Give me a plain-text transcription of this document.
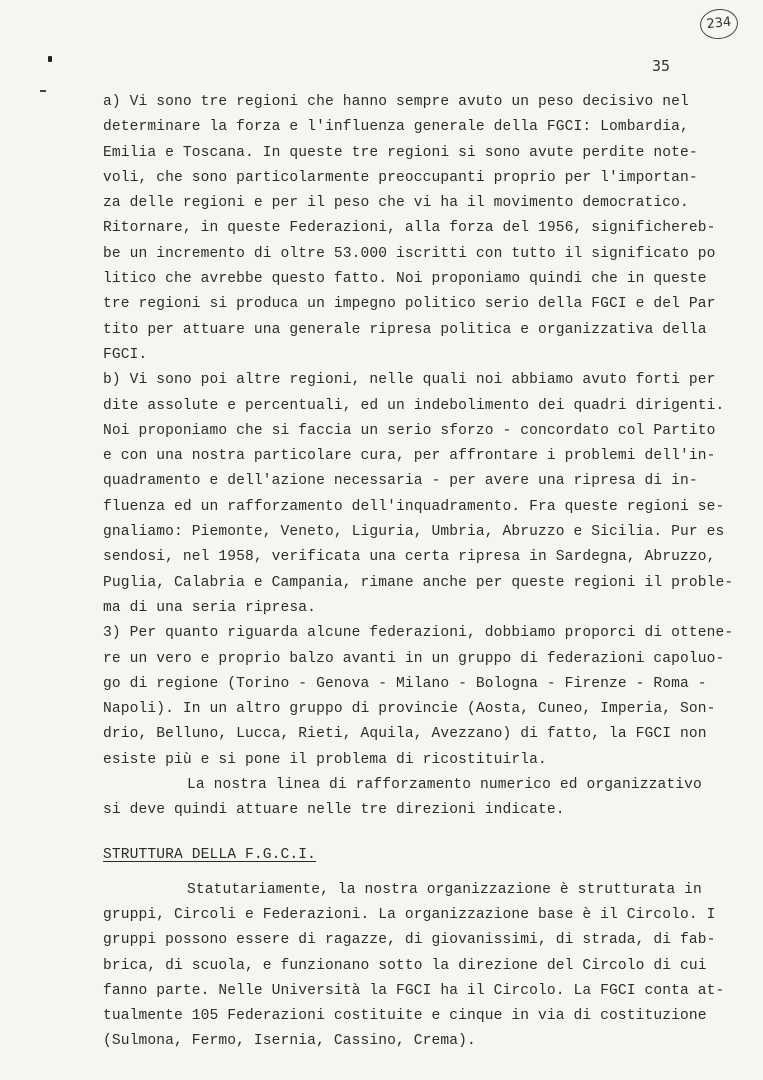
234
35
a) Vi sono tre regioni che hanno sempre avuto un peso decisivo nel
determinare la forza e l'influenza generale della FGCI: Lombardia,
Emilia e Toscana. In queste tre regioni si sono avute perdite note-
voli, che sono particolarmente preoccupanti proprio per l'importan-
za delle regioni e per il peso che vi ha il movimento democratico.
Ritornare, in queste Federazioni, alla forza del 1956, significhereb-
be un incremento di oltre 53.000 iscritti con tutto il significato po
litico che avrebbe questo fatto. Noi proponiamo quindi che in queste
tre regioni si produca un impegno politico serio della FGCI e del Par
tito per attuare una generale ripresa politica e organizzativa della
FGCI.
b) Vi sono poi altre regioni, nelle quali noi abbiamo avuto forti per
dite assolute e percentuali, ed un indebolimento dei quadri dirigenti.
Noi proponiamo che si faccia un serio sforzo - concordato col Partito
e con una nostra particolare cura, per affrontare i problemi dell'in-
quadramento e dell'azione necessaria - per avere una ripresa di in-
fluenza ed un rafforzamento dell'inquadramento. Fra queste regioni se-
gnaliamo: Piemonte, Veneto, Liguria, Umbria, Abruzzo e Sicilia. Pur es
sendosi, nel 1958, verificata una certa ripresa in Sardegna, Abruzzo,
Puglia, Calabria e Campania, rimane anche per queste regioni il proble-
ma di una seria ripresa.
3) Per quanto riguarda alcune federazioni, dobbiamo proporci di ottene-
re un vero e proprio balzo avanti in un gruppo di federazioni capoluo-
go di regione (Torino - Genova - Milano - Bologna - Firenze - Roma -
Napoli). In un altro gruppo di provincie (Aosta, Cuneo, Imperia, Son-
drio, Belluno, Lucca, Rieti, Aquila, Avezzano) di fatto, la FGCI non
esiste più e si pone il problema di ricostituirla.
La nostra linea di rafforzamento numerico ed organizzativo
si deve quindi attuare nelle tre direzioni indicate.
STRUTTURA DELLA F.G.C.I.
Statutariamente, la nostra organizzazione è strutturata in
gruppi, Circoli e Federazioni. La organizzazione base è il Circolo. I
gruppi possono essere di ragazze, di giovanissimi, di strada, di fab-
brica, di scuola, e funzionano sotto la direzione del Circolo di cui
fanno parte. Nelle Università la FGCI ha il Circolo. La FGCI conta at-
tualmente 105 Federazioni costituite e cinque in via di costituzione
(Sulmona, Fermo, Isernia, Cassino, Crema).
